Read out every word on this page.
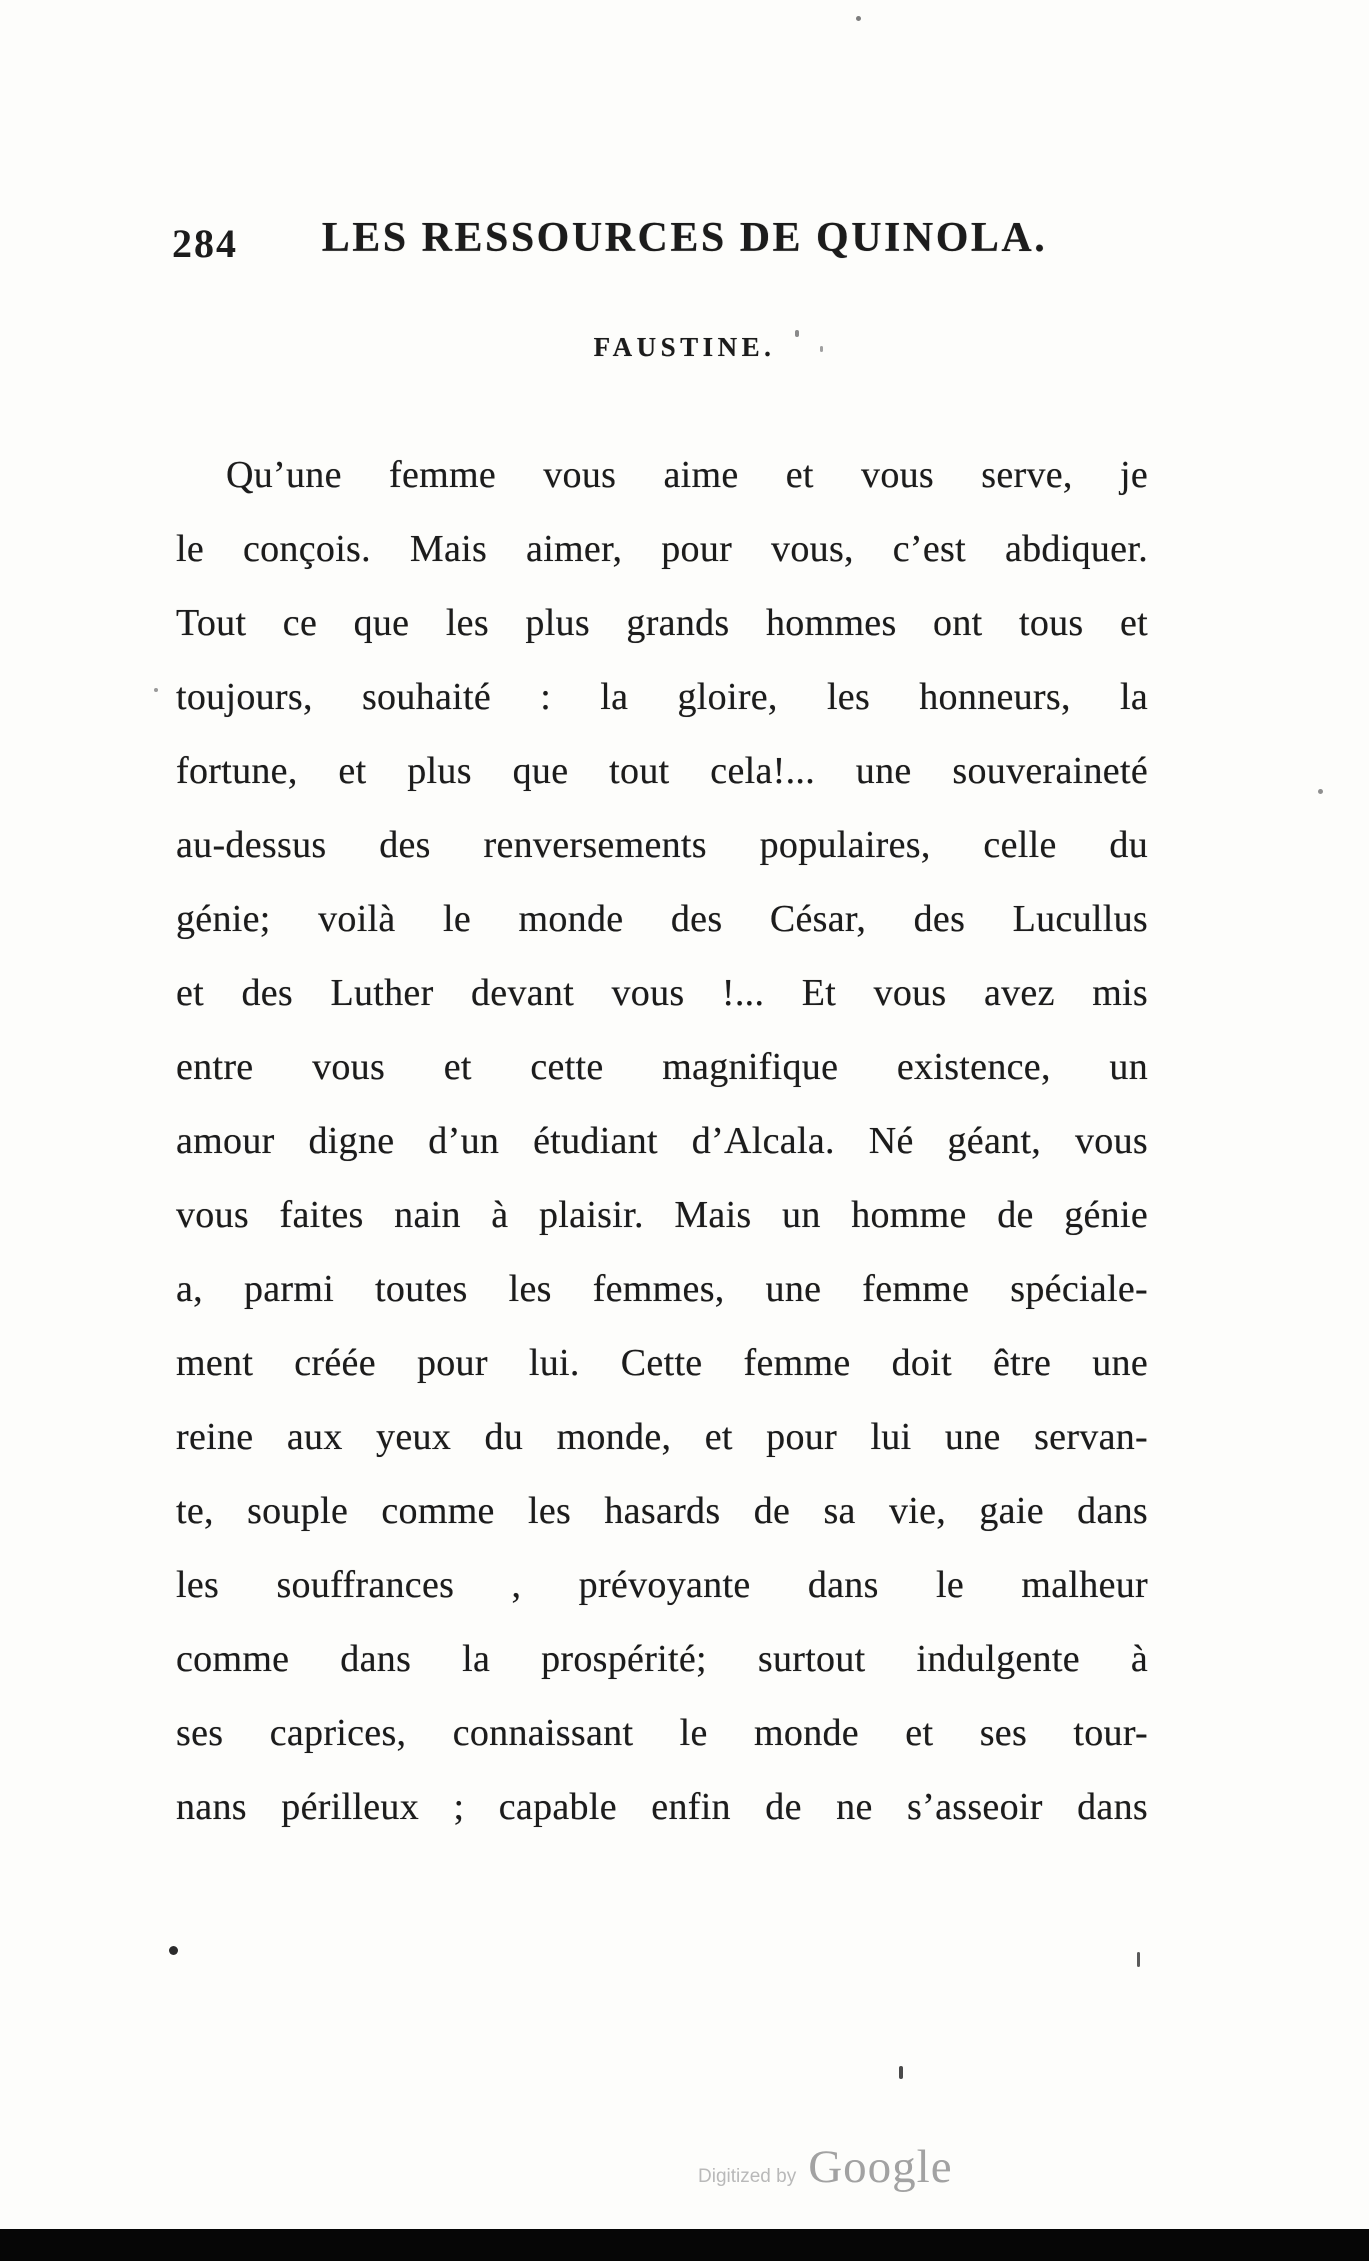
284	LES RESSOURCES DE QUINOLA.
FAUSTINE.

Qu’une femme vous aime et vous serve, je

le conçois. Mais aimer, pour vous, c’est abdiquer.

Tout ce que les plus grands hommes ont tous et

toujours, souhaité : la gloire, les honneurs, la

fortune, et plus que tout cela!... une souveraineté

au-dessus des renversements populaires, celle du

génie; voilà le monde des César, des Lucullus

et des Luther devant vous !... Et vous avez mis

entre vous et cette magnifique existence, un

amour digne d’un étudiant d’Alcala. Né géant, vous

vous faites nain à plaisir. Mais un homme de génie

a, parmi toutes les femmes, une femme spéciale-

ment créée pour lui. Cette femme doit être une

reine aux yeux du monde, et pour lui une servan-

te, souple comme les hasards de sa vie, gaie dans

les souffrances , prévoyante dans le malheur

comme dans la prospérité; surtout indulgente à

ses caprices, connaissant le monde et ses tour-

nans périlleux ; capable enfin de ne s’asseoir dans

Digitized by Google
